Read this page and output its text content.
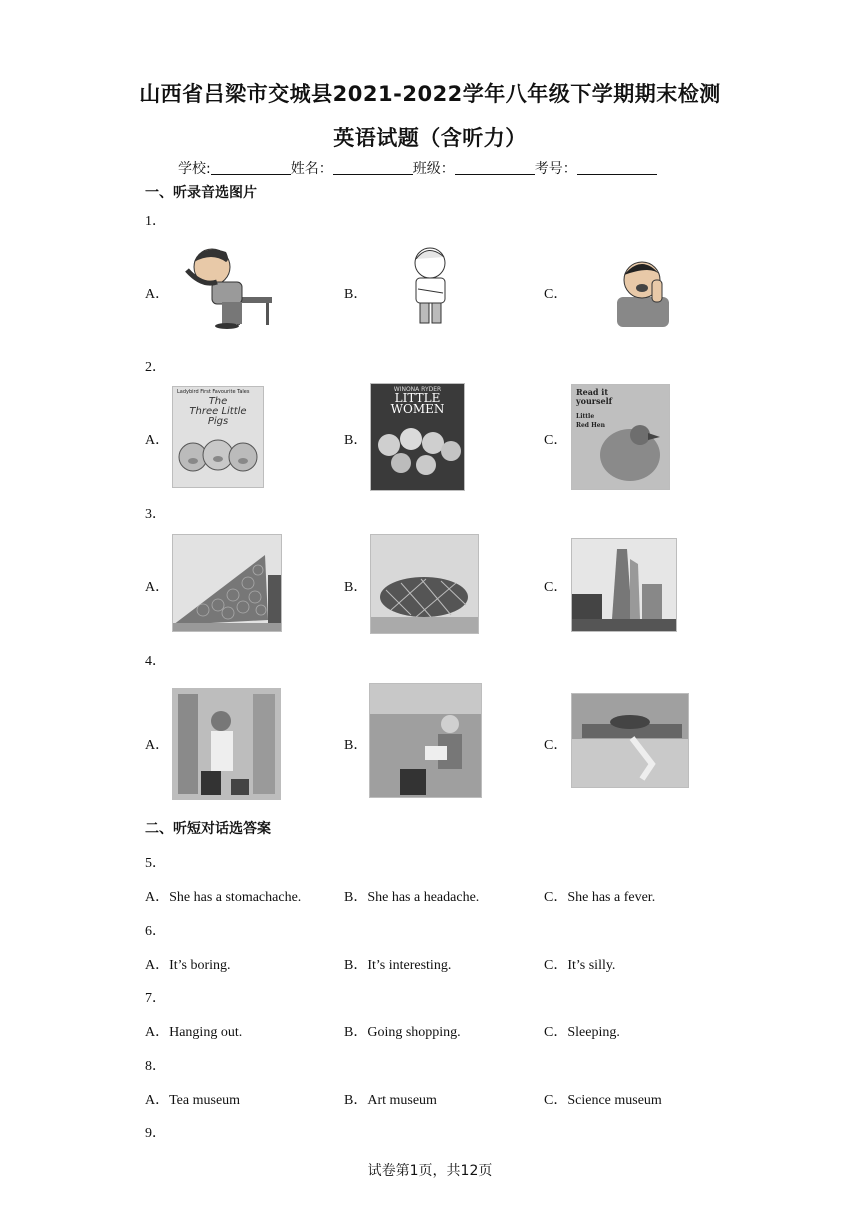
山西省吕梁市交城县2021-2022学年八年级下学期期末检测
英语试题（含听力）
学校:	姓名：	班级：	考号：
一、听录音选图片
1．
A．	B．	C．
2．
A．	B．	C．
Ladybird First Favourite Tales
The
Three Little
Pigs
WINONA RYDER
LITTLE
WOMEN
Read it
yourself
Little
Red Hen
3．
A．	B．	C．
4．
A．	B．	C．
二、听短对话选答案
5．
A．She has a stomachache.	B．She has a headache.	C．She has a fever.
6．
A．It’s boring.	B．It’s interesting.	C．It’s silly.
7．
A．Hanging out.	B．Going shopping.	C．Sleeping.
8．
A．Tea museum	B．Art museum	C．Science museum
9．
试卷第1页，共12页
